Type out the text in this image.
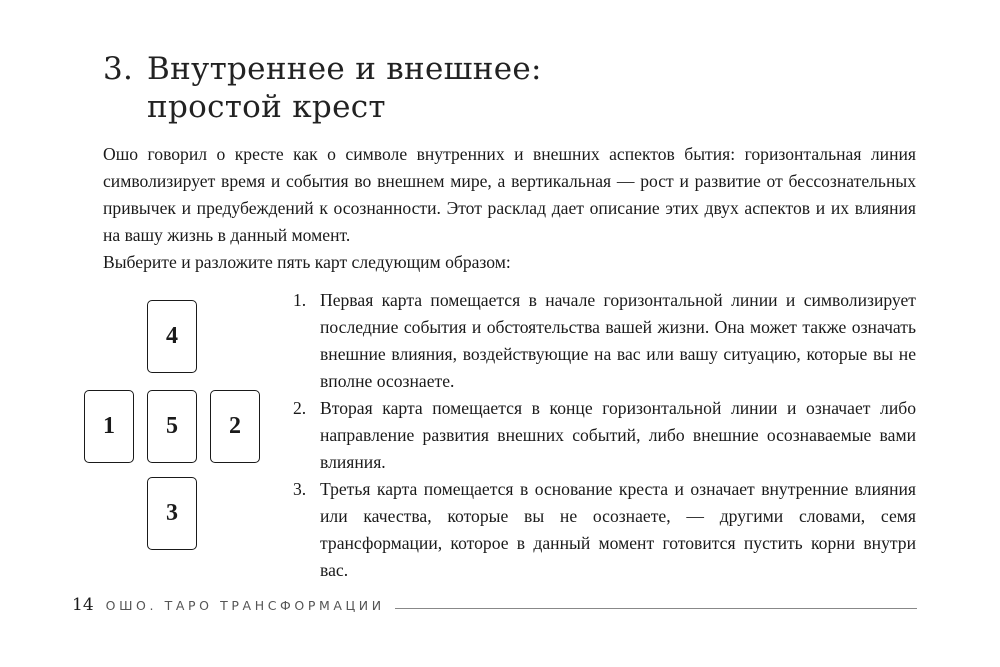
3. Внутреннее и внешнее:
простой крест

Ошо говорил о кресте как о символе внутренних и внешних аспектов бытия: горизонтальная линия символизирует время и события во внешнем мире, а вертикальная — рост и развитие от бессознательных привычек и предубеждений к осознанности. Этот расклад дает описание этих двух аспектов и их влияния на вашу жизнь в данный момент.

Выберите и разложите пять карт следующим образом:

4
1	5	2
3
1. Первая карта помещается в начале горизонтальной линии и символизирует последние события и обстоятельства вашей жизни. Она может также означать внешние влияния, воздействующие на вас или вашу ситуацию, которые вы не вполне осознаете.
2. Вторая карта помещается в конце горизонтальной линии и означает либо направление развития внешних событий, либо внешние осознаваемые вами влияния.
3. Третья карта помещается в основание креста и означает внутренние влияния или качества, которые вы не осознаете, — другими словами, семя трансформации, которое в данный момент готовится пустить корни внутри вас.
14 ОШО. ТАРО ТРАНСФОРМАЦИИ
